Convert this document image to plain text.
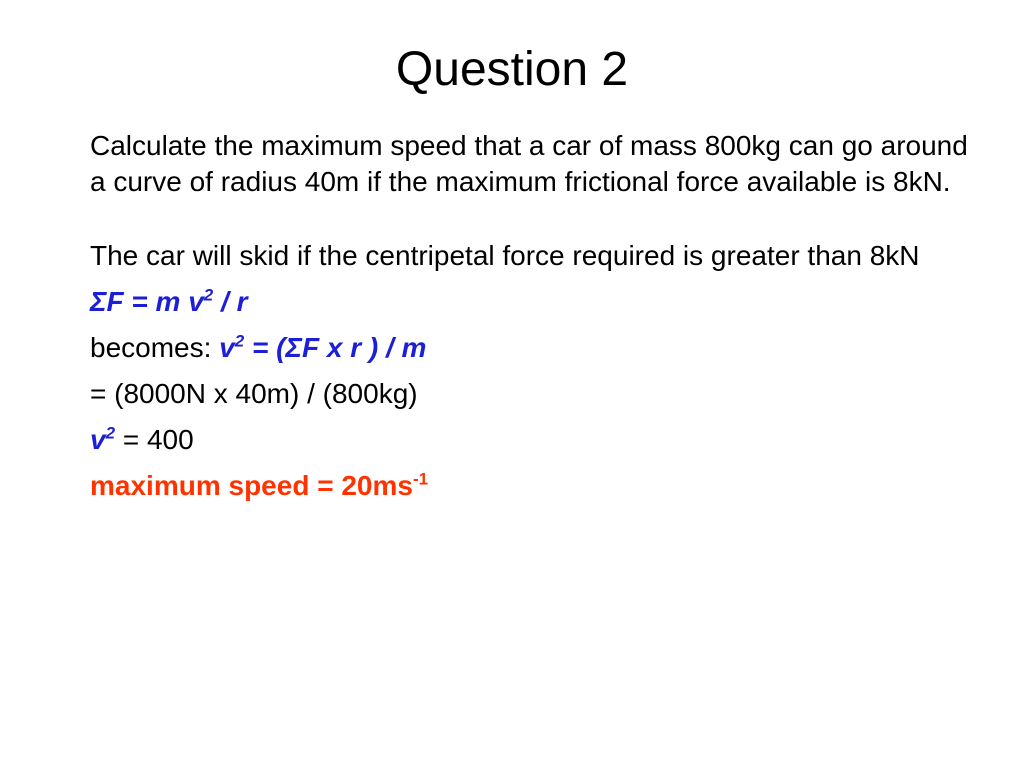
Question 2

Calculate the maximum speed that a car of mass 800kg can go around a curve of radius 40m if the maximum frictional force available is 8kN.

The car will skid if the centripetal force required is greater than 8kN

ΣF = m $v^2$ / r

becomes: $v^2 = (\Sigma F$ x r ) / m

= (8000N x 40m) / (800kg)

$v^2 = 400$

maximum speed = $20ms^{-1}$
